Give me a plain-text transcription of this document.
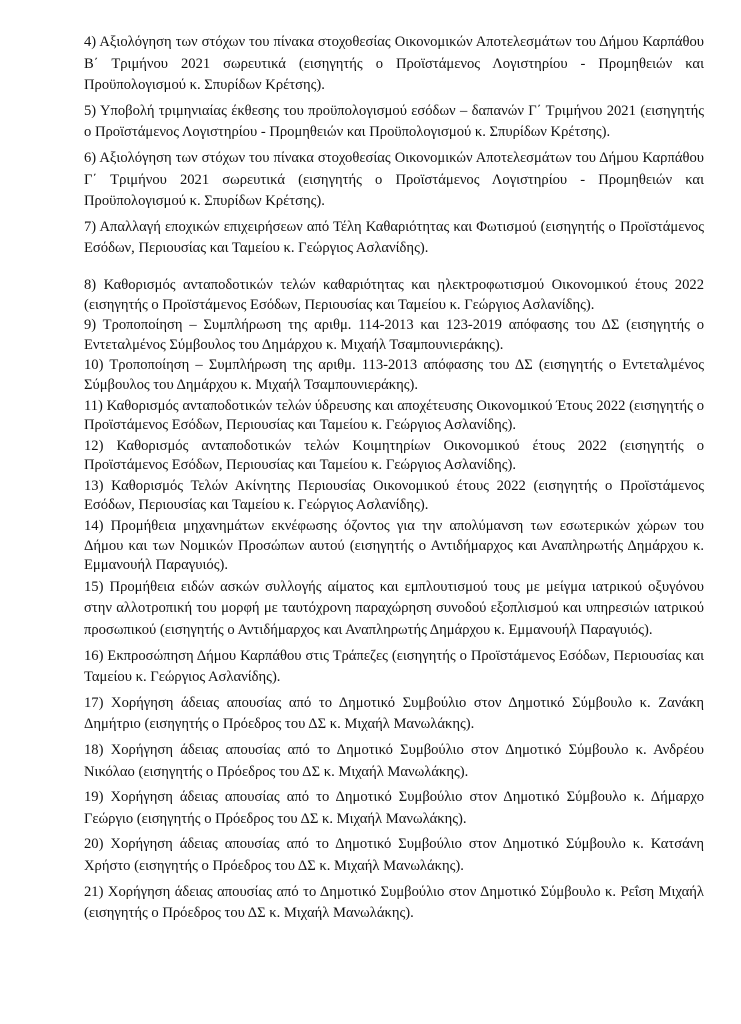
4) Αξιολόγηση των στόχων του πίνακα στοχοθεσίας Οικονομικών Αποτελεσμάτων του Δήμου Καρπάθου Β΄ Τριμήνου 2021 σωρευτικά (εισηγητής ο Προϊστάμενος Λογιστηρίου - Προμηθειών και Προϋπολογισμού κ. Σπυρίδων Κρέτσης).

5) Υποβολή τριμηνιαίας έκθεσης του προϋπολογισμού εσόδων – δαπανών Γ΄ Τριμήνου 2021 (εισηγητής ο Προϊστάμενος Λογιστηρίου - Προμηθειών και Προϋπολογισμού κ. Σπυρίδων Κρέτσης).

6) Αξιολόγηση των στόχων του πίνακα στοχοθεσίας Οικονομικών Αποτελεσμάτων του Δήμου Καρπάθου Γ΄ Τριμήνου 2021 σωρευτικά (εισηγητής ο Προϊστάμενος Λογιστηρίου - Προμηθειών και Προϋπολογισμού κ. Σπυρίδων Κρέτσης).

7) Απαλλαγή εποχικών επιχειρήσεων από Τέλη Καθαριότητας και Φωτισμού (εισηγητής ο Προϊστάμενος Εσόδων, Περιουσίας και Ταμείου κ. Γεώργιος Ασλανίδης).

8) Καθορισμός ανταποδοτικών τελών καθαριότητας και ηλεκτροφωτισμού Οικονομικού έτους 2022 (εισηγητής ο Προϊστάμενος Εσόδων, Περιουσίας και Ταμείου κ. Γεώργιος Ασλανίδης).

9) Τροποποίηση – Συμπλήρωση της αριθμ. 114-2013 και 123-2019 απόφασης του ΔΣ (εισηγητής ο Εντεταλμένος Σύμβουλος του Δημάρχου κ. Μιχαήλ Τσαμπουνιεράκης).

10) Τροποποίηση – Συμπλήρωση της αριθμ. 113-2013 απόφασης του ΔΣ (εισηγητής ο Εντεταλμένος Σύμβουλος του Δημάρχου κ. Μιχαήλ Τσαμπουνιεράκης).

11) Καθορισμός ανταποδοτικών τελών ύδρευσης και αποχέτευσης Οικονομικού Έτους 2022 (εισηγητής ο Προϊστάμενος Εσόδων, Περιουσίας και Ταμείου κ. Γεώργιος Ασλανίδης).

12) Καθορισμός ανταποδοτικών τελών Κοιμητηρίων Οικονομικού έτους 2022 (εισηγητής ο Προϊστάμενος Εσόδων, Περιουσίας και Ταμείου κ. Γεώργιος Ασλανίδης).

13) Καθορισμός Τελών Ακίνητης Περιουσίας Οικονομικού έτους 2022 (εισηγητής ο Προϊστάμενος Εσόδων, Περιουσίας και Ταμείου κ. Γεώργιος Ασλανίδης).

14) Προμήθεια μηχανημάτων εκνέφωσης όζοντος για την απολύμανση των εσωτερικών χώρων του Δήμου και των Νομικών Προσώπων αυτού (εισηγητής ο Αντιδήμαρχος και Αναπληρωτής Δημάρχου κ. Εμμανουήλ Παραγυιός).

15) Προμήθεια ειδών ασκών συλλογής αίματος και εμπλουτισμού τους με μείγμα ιατρικού οξυγόνου στην αλλοτροπική του μορφή με ταυτόχρονη παραχώρηση συνοδού εξοπλισμού και υπηρεσιών ιατρικού προσωπικού (εισηγητής ο Αντιδήμαρχος και Αναπληρωτής Δημάρχου κ. Εμμανουήλ Παραγυιός).

16) Εκπροσώπηση Δήμου Καρπάθου στις Τράπεζες (εισηγητής ο Προϊστάμενος Εσόδων, Περιουσίας και Ταμείου κ. Γεώργιος Ασλανίδης).

17) Χορήγηση άδειας απουσίας από το Δημοτικό Συμβούλιο στον Δημοτικό Σύμβουλο κ. Ζανάκη Δημήτριο (εισηγητής ο Πρόεδρος του ΔΣ κ. Μιχαήλ Μανωλάκης).

18) Χορήγηση άδειας απουσίας από το Δημοτικό Συμβούλιο στον Δημοτικό Σύμβουλο κ. Ανδρέου Νικόλαο (εισηγητής ο Πρόεδρος του ΔΣ κ. Μιχαήλ Μανωλάκης).

19) Χορήγηση άδειας απουσίας από το Δημοτικό Συμβούλιο στον Δημοτικό Σύμβουλο κ. Δήμαρχο Γεώργιο (εισηγητής ο Πρόεδρος του ΔΣ κ. Μιχαήλ Μανωλάκης).

20) Χορήγηση άδειας απουσίας από το Δημοτικό Συμβούλιο στον Δημοτικό Σύμβουλο κ. Κατσάνη Χρήστο (εισηγητής ο Πρόεδρος του ΔΣ κ. Μιχαήλ Μανωλάκης).

21) Χορήγηση άδειας απουσίας από το Δημοτικό Συμβούλιο στον Δημοτικό Σύμβουλο κ. Ρεΐση Μιχαήλ (εισηγητής ο Πρόεδρος του ΔΣ κ. Μιχαήλ Μανωλάκης).
